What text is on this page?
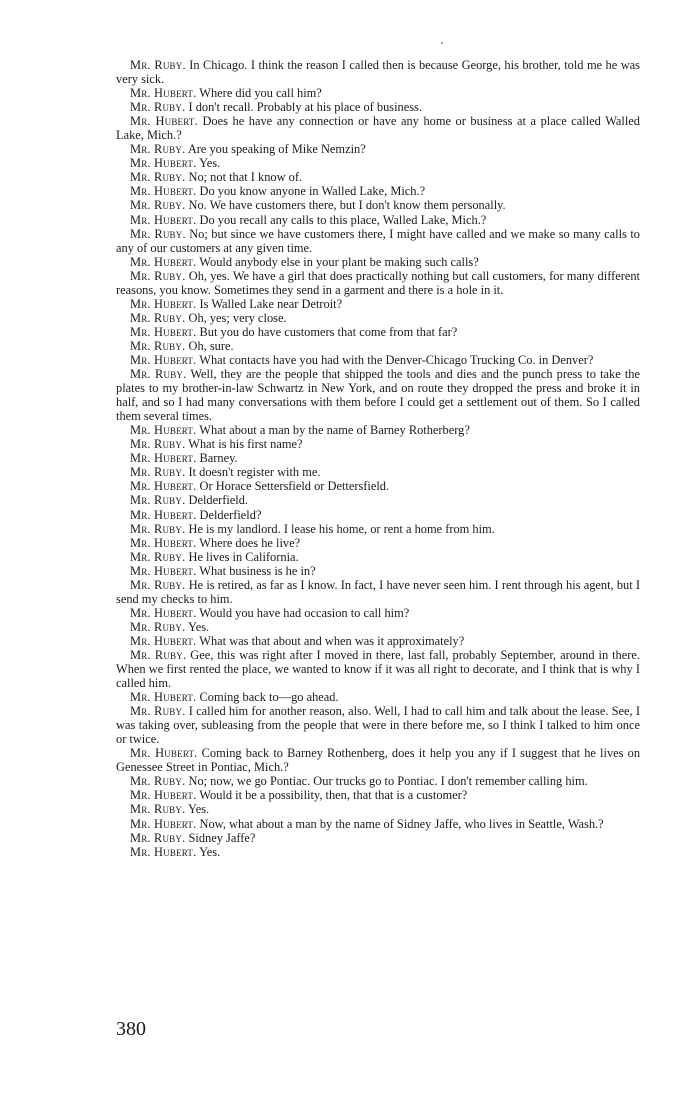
Mr. Ruby. In Chicago. I think the reason I called then is because George, his brother, told me he was very sick.

Mr. Hubert. Where did you call him?

Mr. Ruby. I don't recall. Probably at his place of business.

Mr. Hubert. Does he have any connection or have any home or business at a place called Walled Lake, Mich.?

Mr. Ruby. Are you speaking of Mike Nemzin?

Mr. Hubert. Yes.

Mr. Ruby. No; not that I know of.

Mr. Hubert. Do you know anyone in Walled Lake, Mich.?

Mr. Ruby. No. We have customers there, but I don't know them personally.

Mr. Hubert. Do you recall any calls to this place, Walled Lake, Mich.?

Mr. Ruby. No; but since we have customers there, I might have called and we make so many calls to any of our customers at any given time.

Mr. Hubert. Would anybody else in your plant be making such calls?

Mr. Ruby. Oh, yes. We have a girl that does practically nothing but call customers, for many different reasons, you know. Sometimes they send in a garment and there is a hole in it.

Mr. Hubert. Is Walled Lake near Detroit?

Mr. Ruby. Oh, yes; very close.

Mr. Hubert. But you do have customers that come from that far?

Mr. Ruby. Oh, sure.

Mr. Hubert. What contacts have you had with the Denver-Chicago Trucking Co. in Denver?

Mr. Ruby. Well, they are the people that shipped the tools and dies and the punch press to take the plates to my brother-in-law Schwartz in New York, and on route they dropped the press and broke it in half, and so I had many conversations with them before I could get a settlement out of them. So I called them several times.

Mr. Hubert. What about a man by the name of Barney Rotherberg?

Mr. Ruby. What is his first name?

Mr. Hubert. Barney.

Mr. Ruby. It doesn't register with me.

Mr. Hubert. Or Horace Settersfield or Dettersfield.

Mr. Ruby. Delderfield.

Mr. Hubert. Delderfield?

Mr. Ruby. He is my landlord. I lease his home, or rent a home from him.

Mr. Hubert. Where does he live?

Mr. Ruby. He lives in California.

Mr. Hubert. What business is he in?

Mr. Ruby. He is retired, as far as I know. In fact, I have never seen him. I rent through his agent, but I send my checks to him.

Mr. Hubert. Would you have had occasion to call him?

Mr. Ruby. Yes.

Mr. Hubert. What was that about and when was it approximately?

Mr. Ruby. Gee, this was right after I moved in there, last fall, probably September, around in there. When we first rented the place, we wanted to know if it was all right to decorate, and I think that is why I called him.

Mr. Hubert. Coming back to—go ahead.

Mr. Ruby. I called him for another reason, also. Well, I had to call him and talk about the lease. See, I was taking over, subleasing from the people that were in there before me, so I think I talked to him once or twice.

Mr. Hubert. Coming back to Barney Rothenberg, does it help you any if I suggest that he lives on Genessee Street in Pontiac, Mich.?

Mr. Ruby. No; now, we go Pontiac. Our trucks go to Pontiac. I don't remember calling him.

Mr. Hubert. Would it be a possibility, then, that that is a customer?

Mr. Ruby. Yes.

Mr. Hubert. Now, what about a man by the name of Sidney Jaffe, who lives in Seattle, Wash.?

Mr. Ruby. Sidney Jaffe?

Mr. Hubert. Yes.

380
